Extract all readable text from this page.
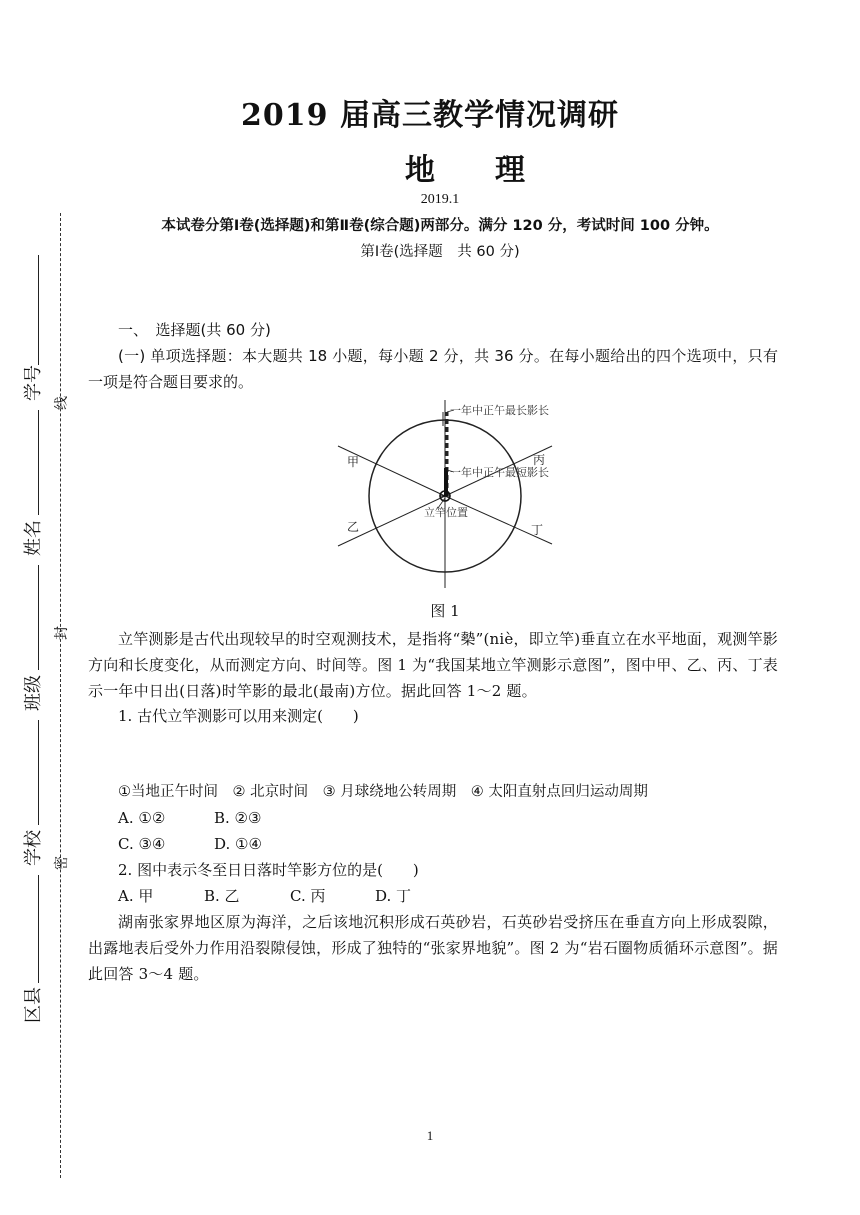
学号
姓名
班级
学校
区县
线
封
密
2019 届高三教学情况调研
地　　理
2019.1
本试卷分第Ⅰ卷(选择题)和第Ⅱ卷(综合题)两部分。满分 120 分，考试时间 100 分钟。
第Ⅰ卷(选择题　共 60 分)
一、　选择题(共 60 分)
(一) 单项选择题：本大题共 18 小题，每小题 2 分，共 36 分。在每小题给出的四个选项中，只有一项是符合题目要求的。
一年中正午最长影长
一年中正午最短影长
立竿位置
甲
乙
丙
丁
图 1
立竿测影是古代出现较早的时空观测技术，是指将“槷”(niè，即立竿)垂直立在水平地面，观测竿影方向和长度变化，从而测定方向、时间等。图 1 为“我国某地立竿测影示意图”，图中甲、乙、丙、丁表示一年中日出(日落)时竿影的最北(最南)方位。据此回答 1～2 题。
1. 古代立竿测影可以用来测定(　　)
①当地正午时间　② 北京时间　③ 月球绕地公转周期　④ 太阳直射点回归运动周期
A. ①②	B. ②③
C. ③④	D. ①④
2. 图中表示冬至日日落时竿影方位的是(　　)
A. 甲	B. 乙	C. 丙	D. 丁
湖南张家界地区原为海洋，之后该地沉积形成石英砂岩，石英砂岩受挤压在垂直方向上形成裂隙，出露地表后受外力作用沿裂隙侵蚀，形成了独特的“张家界地貌”。图 2 为“岩石圈物质循环示意图”。据此回答 3～4 题。
1
